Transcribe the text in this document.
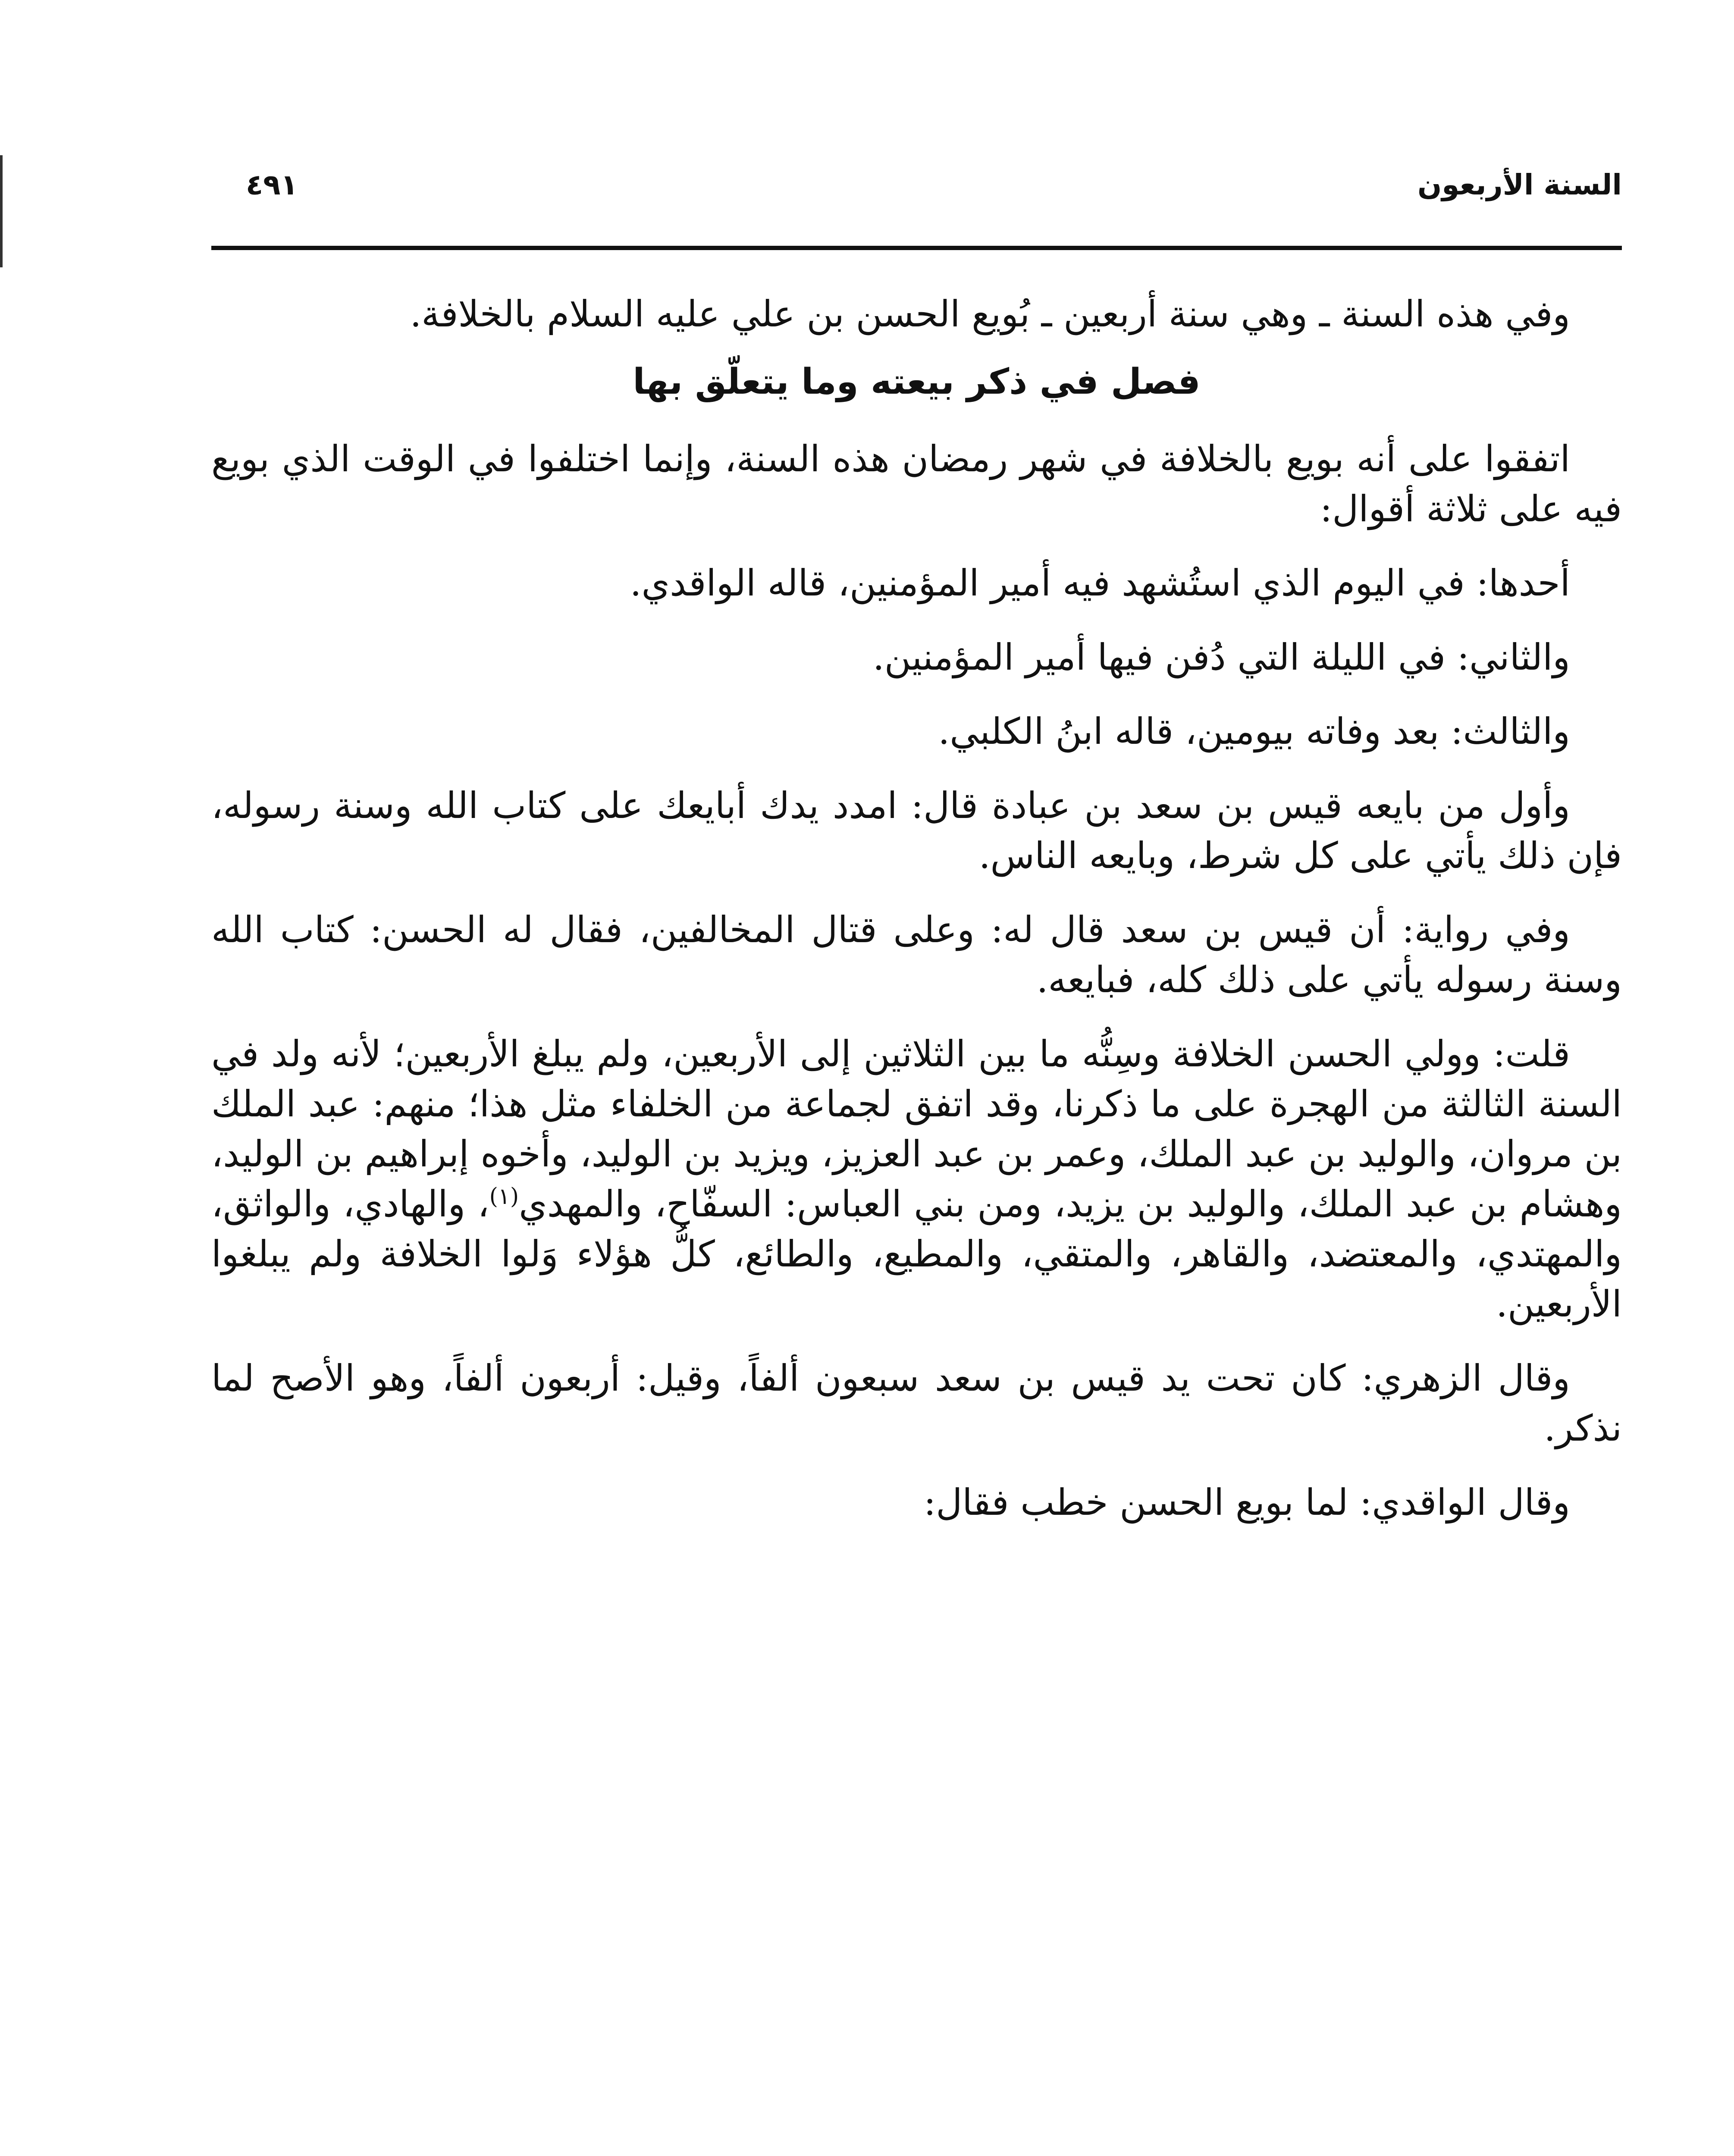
السنة الأربعون
٤٩١

وفي هذه السنة ـ وهي سنة أربعين ـ بُويع الحسن بن علي عليه السلام بالخلافة.

فصل في ذكر بيعته وما يتعلّق بها

اتفقوا على أنه بويع بالخلافة في شهر رمضان هذه السنة، وإنما اختلفوا في الوقت الذي بويع فيه على ثلاثة أقوال:

أحدها: في اليوم الذي استُشهد فيه أمير المؤمنين، قاله الواقدي.

والثاني: في الليلة التي دُفن فيها أمير المؤمنين.

والثالث: بعد وفاته بيومين، قاله ابنُ الكلبي.

وأول من بايعه قيس بن سعد بن عبادة قال: امدد يدك أبايعك على كتاب الله وسنة رسوله، فإن ذلك يأتي على كل شرط، وبايعه الناس.

وفي رواية: أن قيس بن سعد قال له: وعلى قتال المخالفين، فقال له الحسن: كتاب الله وسنة رسوله يأتي على ذلك كله، فبايعه.

قلت: وولي الحسن الخلافة وسِنُّه ما بين الثلاثين إلى الأربعين، ولم يبلغ الأربعين؛ لأنه ولد في السنة الثالثة من الهجرة على ما ذكرنا، وقد اتفق لجماعة من الخلفاء مثل هذا؛ منهم: عبد الملك بن مروان، والوليد بن عبد الملك، وعمر بن عبد العزيز، ويزيد بن الوليد، وأخوه إبراهيم بن الوليد، وهشام بن عبد الملك، والوليد بن يزيد، ومن بني العباس: السفّاح، والمهدي$^{(١)}$، والهادي، والواثق، والمهتدي، والمعتضد، والقاهر، والمتقي، والمطيع، والطائع، كلُّ هؤلاء وَلوا الخلافة ولم يبلغوا الأربعين.

وقال الزهري: كان تحت يد قيس بن سعد سبعون ألفاً، وقيل: أربعون ألفاً، وهو الأصح لما نذكر.

وقال الواقدي: لما بويع الحسن خطب فقال:
